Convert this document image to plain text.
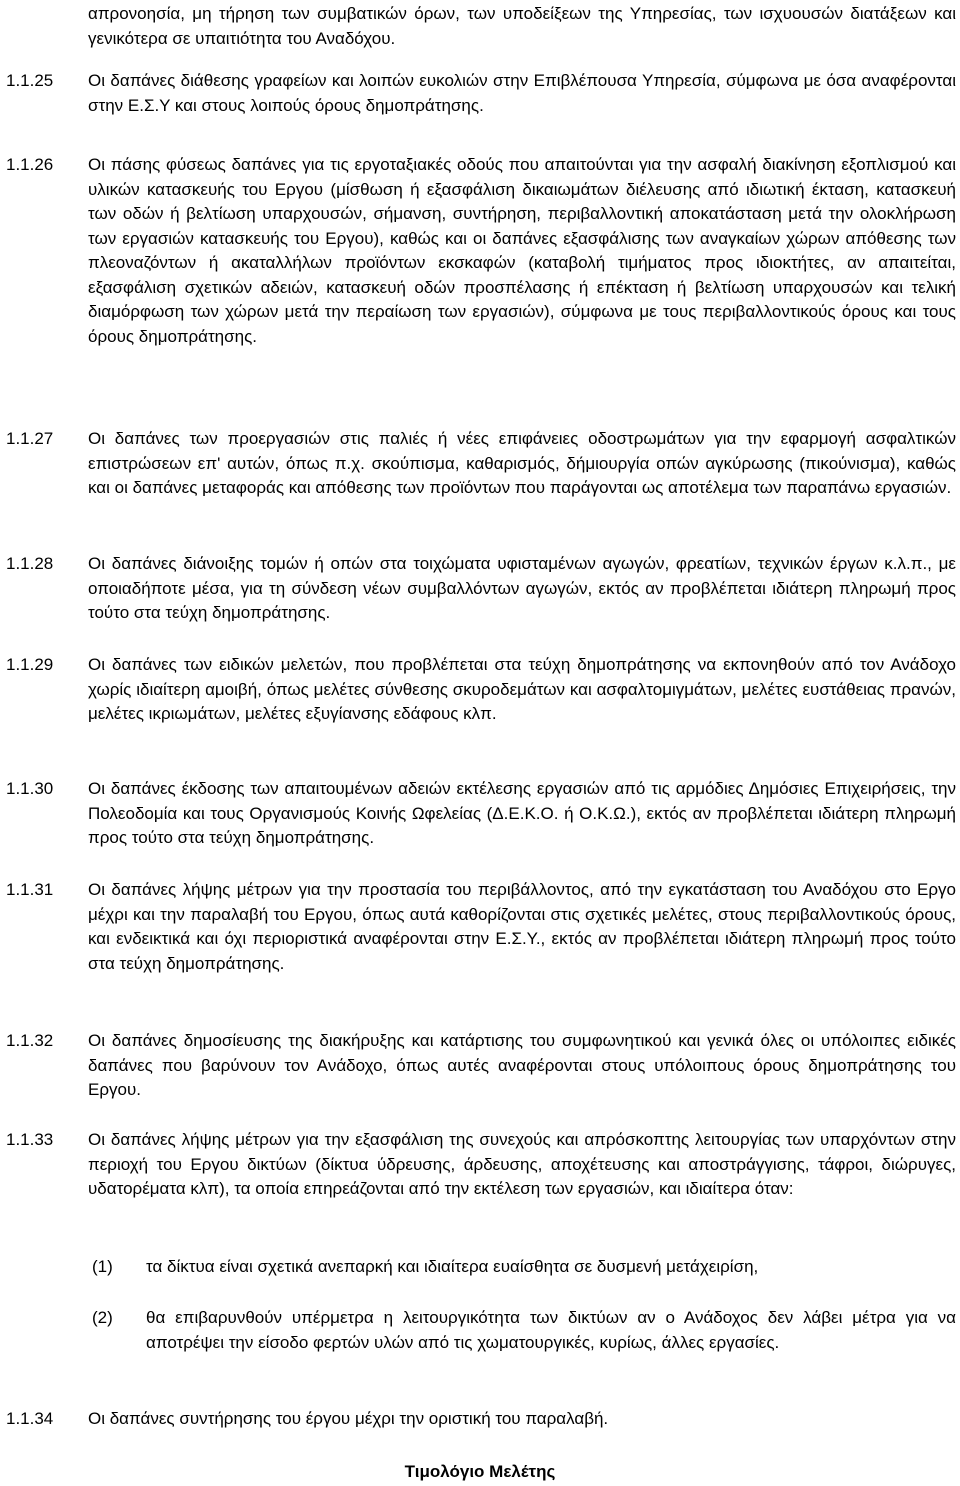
απρονοησία, μη τήρηση των συμβατικών όρων, των υποδείξεων της Υπηρεσίας, των ισχυουσών διατάξεων και γενικότερα σε υπαιτιότητα του Αναδόχου.
1.1.25 Οι δαπάνες διάθεσης γραφείων και λοιπών ευκολιών στην Επιβλέπουσα Υπηρεσία, σύμφωνα με όσα αναφέρονται στην Ε.Σ.Υ και στους λοιπούς όρους δημοπράτησης.
1.1.26 Οι πάσης φύσεως δαπάνες για τις εργοταξιακές οδούς που απαιτούνται για την ασφαλή διακίνηση εξοπλισμού και υλικών κατασκευής του Εργου (μίσθωση ή εξασφάλιση δικαιωμάτων διέλευσης από ιδιωτική έκταση, κατασκευή των οδών ή βελτίωση υπαρχουσών, σήμανση, συντήρηση, περιβαλλοντική αποκατάσταση μετά την ολοκλήρωση των εργασιών κατασκευής του Εργου), καθώς και οι δαπάνες εξασφάλισης των αναγκαίων χώρων απόθεσης των πλεοναζόντων ή ακαταλλήλων προϊόντων εκσκαφών (καταβολή τιμήματος προς ιδιοκτήτες, αν απαιτείται, εξασφάλιση σχετικών αδειών, κατασκευή οδών προσπέλασης ή επέκταση ή βελτίωση υπαρχουσών και τελική διαμόρφωση των χώρων μετά την περαίωση των εργασιών), σύμφωνα με τους περιβαλλοντικούς όρους και τους όρους δημοπράτησης.
1.1.27 Οι δαπάνες των προεργασιών στις παλιές ή νέες επιφάνειες οδοστρωμάτων για την εφαρμογή ασφαλτικών επιστρώσεων επ' αυτών, όπως π.χ. σκούπισμα, καθαρισμός, δήμιουργία οπών αγκύρωσης (πικούνισμα), καθώς και οι δαπάνες μεταφοράς και απόθεσης των προϊόντων που παράγονται ως αποτέλεμα των παραπάνω εργασιών.
1.1.28 Οι δαπάνες διάνοιξης τομών ή οπών στα τοιχώματα υφισταμένων αγωγών, φρεατίων, τεχνικών έργων κ.λ.π., με οποιαδήποτε μέσα, για τη σύνδεση νέων συμβαλλόντων αγωγών, εκτός αν προβλέπεται ιδιάτερη πληρωμή προς τούτο στα τεύχη δημοπράτησης.
1.1.29 Οι δαπάνες των ειδικών μελετών, που προβλέπεται στα τεύχη δημοπράτησης να εκπονηθούν από τον Ανάδοχο χωρίς ιδιαίτερη αμοιβή, όπως μελέτες σύνθεσης σκυροδεμάτων και ασφαλτομιγμάτων, μελέτες ευστάθειας πρανών, μελέτες ικριωμάτων, μελέτες εξυγίανσης εδάφους κλπ.
1.1.30 Οι δαπάνες έκδοσης των απαιτουμένων αδειών εκτέλεσης εργασιών από τις αρμόδιες Δημόσιες Επιχειρήσεις, την Πολεοδομία και τους Οργανισμούς Κοινής Ωφελείας (Δ.Ε.Κ.Ο. ή Ο.Κ.Ω.), εκτός αν προβλέπεται ιδιάτερη πληρωμή προς τούτο στα τεύχη δημοπράτησης.
1.1.31 Οι δαπάνες λήψης μέτρων για την προστασία του περιβάλλοντος, από την εγκατάσταση του Αναδόχου στο Εργο μέχρι και την παραλαβή του Εργου, όπως αυτά καθορίζονται στις σχετικές μελέτες, στους περιβαλλοντικούς όρους, και ενδεικτικά και όχι περιοριστικά αναφέρονται στην Ε.Σ.Υ., εκτός αν προβλέπεται ιδιάτερη πληρωμή προς τούτο στα τεύχη δημοπράτησης.
1.1.32 Οι δαπάνες δημοσίευσης της διακήρυξης και κατάρτισης του συμφωνητικού και γενικά όλες οι υπόλοιπες ειδικές δαπάνες που βαρύνουν τον Ανάδοχο, όπως αυτές αναφέρονται στους υπόλοιπους όρους δημοπράτησης του Εργου.
1.1.33 Οι δαπάνες λήψης μέτρων για την εξασφάλιση της συνεχούς και απρόσκοπτης λειτουργίας των υπαρχόντων στην περιοχή του Εργου δικτύων (δίκτυα ύδρευσης, άρδευσης, αποχέτευσης και αποστράγγισης, τάφροι, διώρυγες, υδατορέματα κλπ), τα οποία επηρεάζονται από την εκτέλεση των εργασιών, και ιδιαίτερα όταν:
(1) τα δίκτυα είναι σχετικά ανεπαρκή και ιδιαίτερα ευαίσθητα σε δυσμενή μετάχειρίση,
(2) θα επιβαρυνθούν υπέρμετρα η λειτουργικότητα των δικτύων αν ο Ανάδοχος δεν λάβει μέτρα για να αποτρέψει την είσοδο φερτών υλών από τις χωματουργικές, κυρίως, άλλες εργασίες.
1.1.34 Οι δαπάνες συντήρησης του έργου μέχρι την οριστική του παραλαβή.
Τιμολόγιο Μελέτης
